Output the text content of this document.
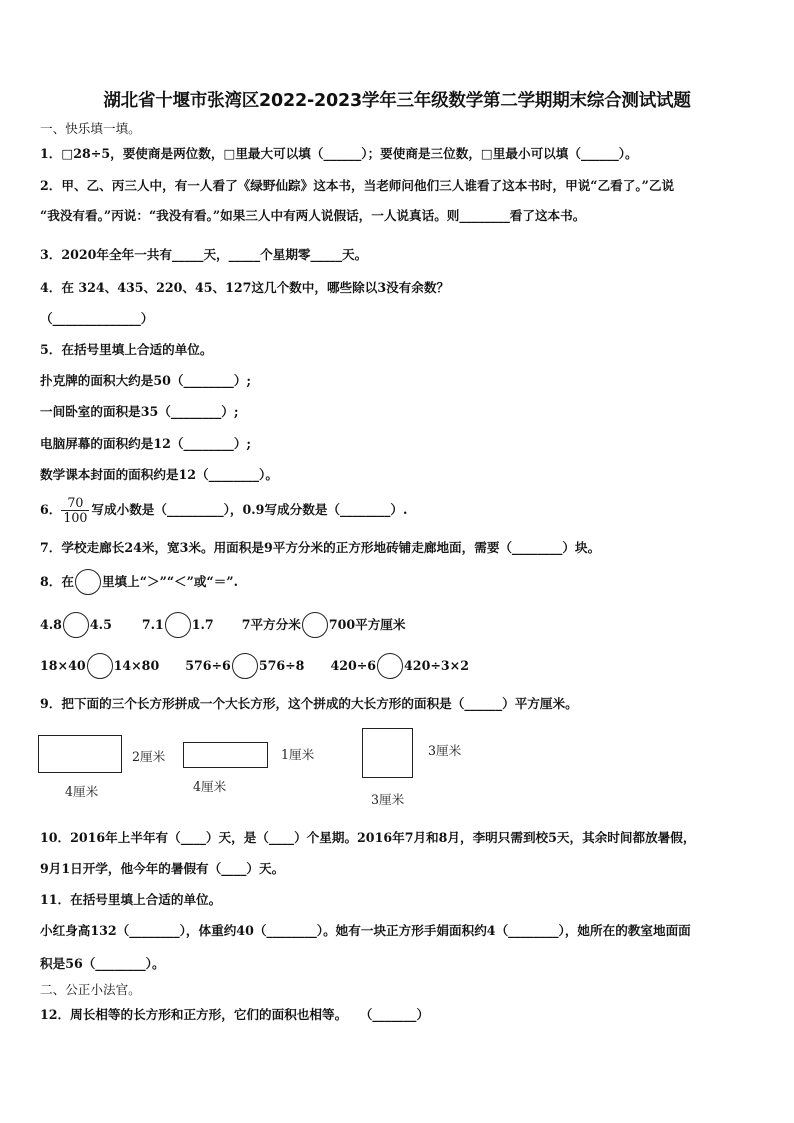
湖北省十堰市张湾区2022-2023学年三年级数学第二学期期末综合测试试题
一、快乐填一填。
1．□28÷5，要使商是两位数，□里最大可以填（______）；要使商是三位数，□里最小可以填（______）。
2．甲、乙、丙三人中，有一人看了《绿野仙踪》这本书，当老师问他们三人谁看了这本书时，甲说“乙看了。”乙说
“我没有看。”丙说：“我没有看。”如果三人中有两人说假话，一人说真话。则________看了这本书。
3．2020年全年一共有_____天，_____个星期零_____天。
4．在 324、435、220、45、127这几个数中，哪些除以3没有余数？
（______________）
5．在括号里填上合适的单位。
扑克牌的面积大约是50（________）;
一间卧室的面积是35（________）;
电脑屏幕的面积约是12（________）;
数学课本封面的面积约是12（________）。
6． $\frac{70}{100}$ 写成小数是（_________），0.9写成分数是（________）.
7．学校走廊长24米，宽3米。用面积是9平方分米的正方形地砖铺走廊地面，需要（________）块。
8．在 里填上“＞”“＜”或“＝”.
4.8 4.5 7.1 1.7 7平方分米 700平方厘米
18×40 14×80 576÷6 576÷8 420÷6 420÷3×2
9．把下面的三个长方形拼成一个大长方形，这个拼成的大长方形的面积是（______）平方厘米。
2厘米
4厘米
1厘米
4厘米
3厘米
3厘米
10．2016年上半年有（____）天，是（____）个星期。2016年7月和8月，李明只需到校5天，其余时间都放暑假，
9月1日开学，他今年的暑假有（____）天。
11．在括号里填上合适的单位。
小红身高132（________），体重约40（________）。她有一块正方形手娟面积约4（________），她所在的教室地面面
积是56（________）。
二、公正小法官。
12．周长相等的长方形和正方形，它们的面积也相等。　　（_______）
